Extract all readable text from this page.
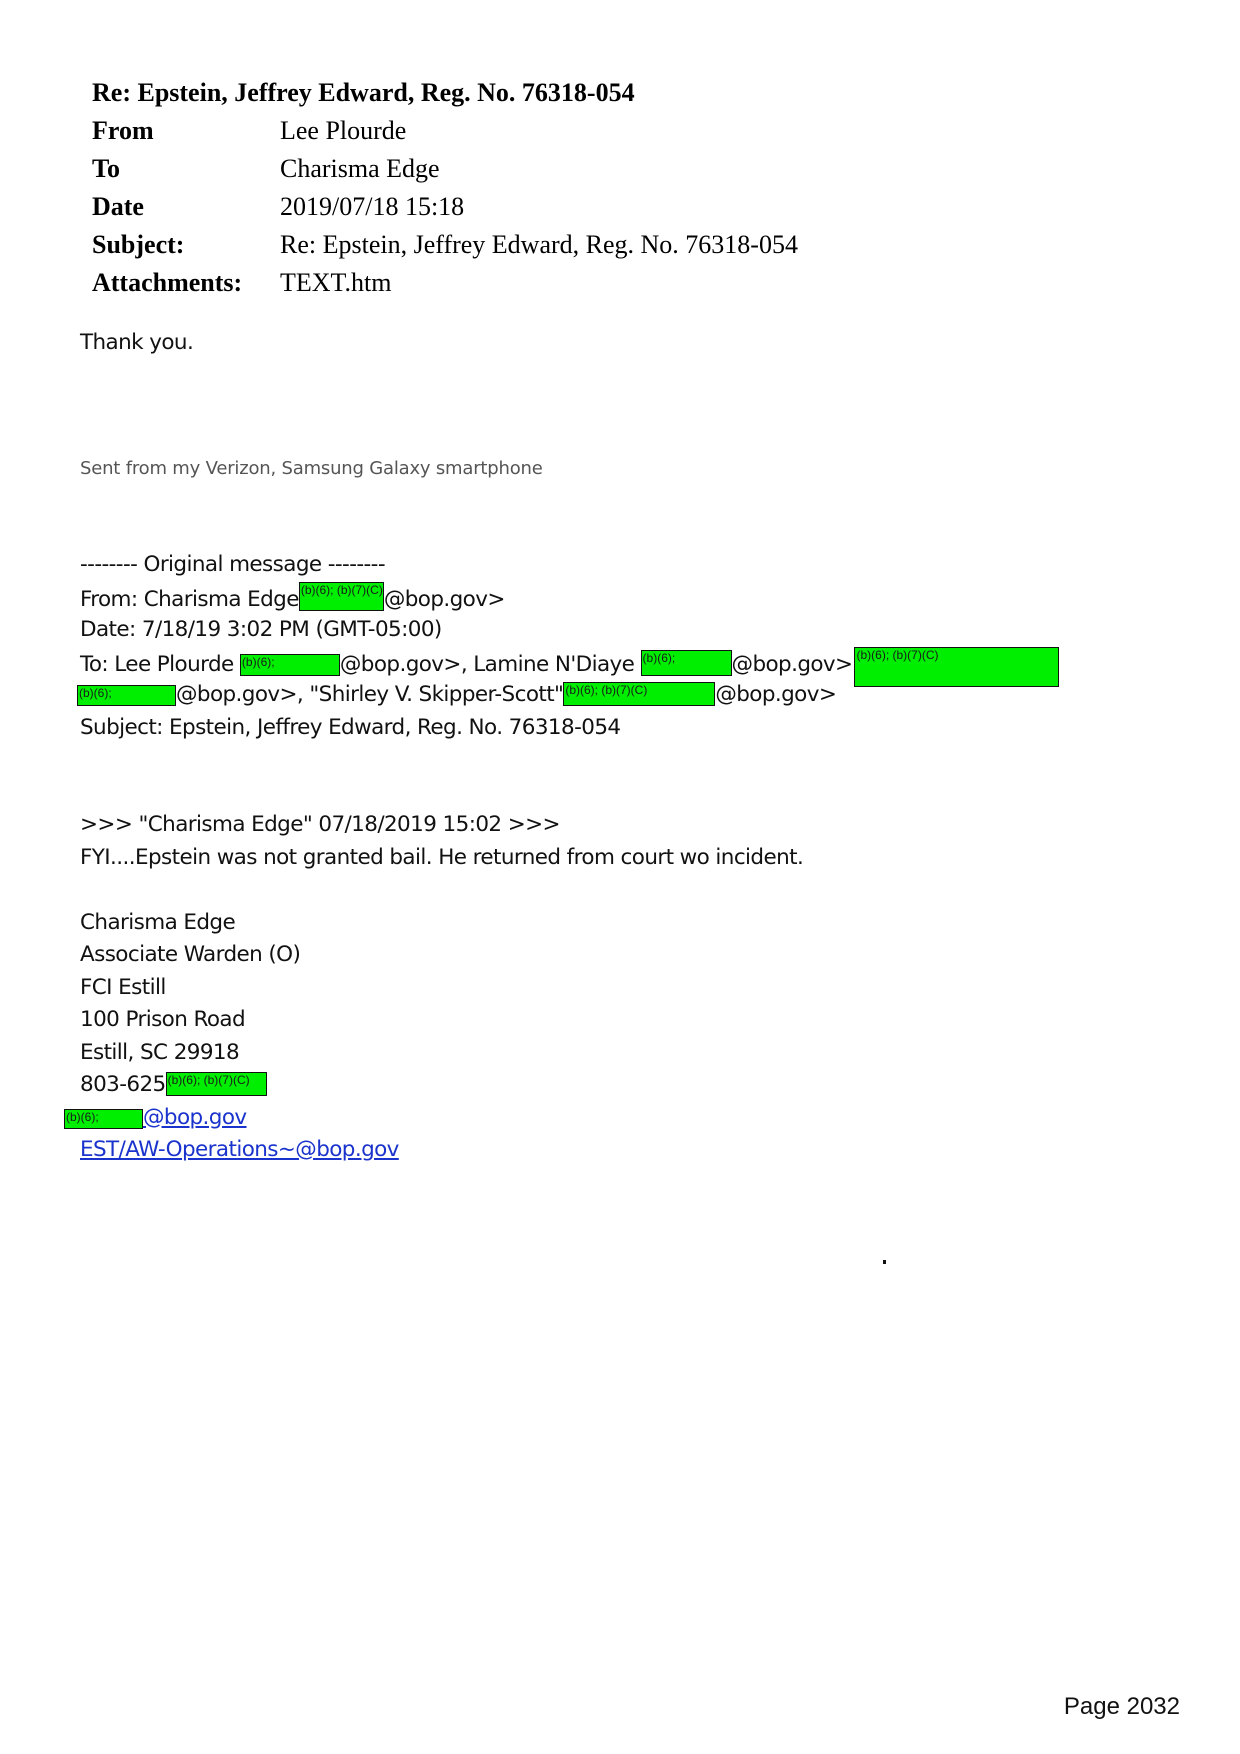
Re: Epstein, Jeffrey Edward, Reg. No. 76318-054
From	Lee Plourde
To	Charisma Edge
Date	2019/07/18 15:18
Subject:	Re: Epstein, Jeffrey Edward, Reg. No. 76318-054
Attachments:	TEXT.htm
Thank you.
Sent from my Verizon, Samsung Galaxy smartphone
-------- Original message --------
From: Charisma Edge (b)(6); (b)(7)(C)@bop.gov>
Date: 7/18/19 3:02 PM (GMT-05:00)
To: Lee Plourde (b)(6);	@bop.gov>, Lamine N'Diaye (b)(6);	@bop.gov> (b)(6); (b)(7)(C)
(b)(6);	@bop.gov>, "Shirley V. Skipper-Scott" (b)(6); (b)(7)(C)	@bop.gov>
Subject: Epstein, Jeffrey Edward, Reg. No. 76318-054
>>> "Charisma Edge" 07/18/2019 15:02 >>>
FYI....Epstein was not granted bail. He returned from court wo incident.
Charisma Edge
Associate Warden (O)
FCI Estill
100 Prison Road
Estill, SC 29918
803-625 (b)(6); (b)(7)(C)
(b)(6); @bop.gov
EST/AW-Operations~@bop.gov
Page 2032
